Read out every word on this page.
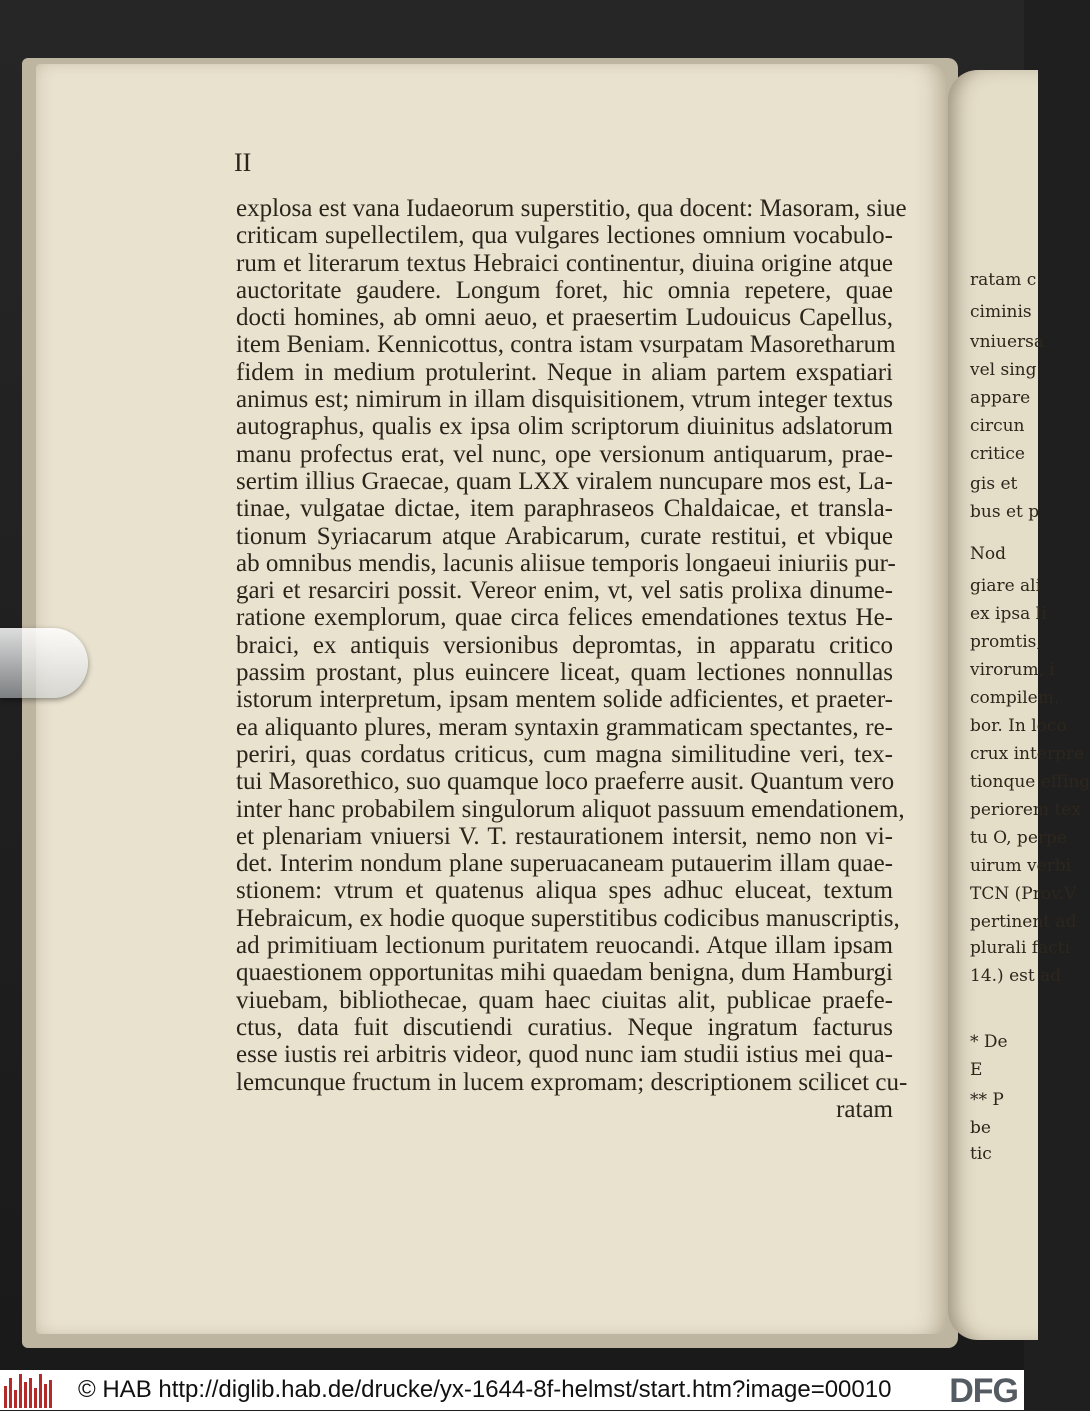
ratam c
ciminis
vniuersa
vel sing
appare
circun
critice
gis et
bus et p
Nod
giare ali
ex ipsa li
promtis,
virorum, i
compilem,
bor. In loco
crux interpre
tionque effing
periorem tex
tu O, perpe
uirum verbi
TCN (Prov.V
pertinent ad
plurali facti
14.) est ad
* De
E
** P
be
tic
II
explosa est vana Iudaeorum superstitio, qua docent: Masoram, siue
criticam supellectilem, qua vulgares lectiones omnium vocabulo-
rum et literarum textus Hebraici continentur, diuina origine atque
auctoritate gaudere. Longum foret, hic omnia repetere, quae
docti homines, ab omni aeuo, et praesertim Ludouicus Capellus,
item Beniam. Kennicottus, contra istam vsurpatam Masoretharum
fidem in medium protulerint. Neque in aliam partem exspatiari
animus est; nimirum in illam disquisitionem, vtrum integer textus
autographus, qualis ex ipsa olim scriptorum diuinitus adslatorum
manu profectus erat, vel nunc, ope versionum antiquarum, prae-
sertim illius Graecae, quam LXX viralem nuncupare mos est, La-
tinae, vulgatae dictae, item paraphraseos Chaldaicae, et transla-
tionum Syriacarum atque Arabicarum, curate restitui, et vbique
ab omnibus mendis, lacunis aliisue temporis longaeui iniuriis pur-
gari et resarciri possit. Vereor enim, vt, vel satis prolixa dinume-
ratione exemplorum, quae circa felices emendationes textus He-
braici, ex antiquis versionibus depromtas, in apparatu critico
passim prostant, plus euincere liceat, quam lectiones nonnullas
istorum interpretum, ipsam mentem solide adficientes, et praeter-
ea aliquanto plures, meram syntaxin grammaticam spectantes, re-
periri, quas cordatus criticus, cum magna similitudine veri, tex-
tui Masorethico, suo quamque loco praeferre ausit. Quantum vero
inter hanc probabilem singulorum aliquot passuum emendationem,
et plenariam vniuersi V. T. restaurationem intersit, nemo non vi-
det. Interim nondum plane superuacaneam putauerim illam quae-
stionem: vtrum et quatenus aliqua spes adhuc eluceat, textum
Hebraicum, ex hodie quoque superstitibus codicibus manuscriptis,
ad primitiuam lectionum puritatem reuocandi. Atque illam ipsam
quaestionem opportunitas mihi quaedam benigna, dum Hamburgi
viuebam, bibliothecae, quam haec ciuitas alit, publicae praefe-
ctus, data fuit discutiendi curatius. Neque ingratum facturus
esse iustis rei arbitris videor, quod nunc iam studii istius mei qua-
lemcunque fructum in lucem expromam; descriptionem scilicet cu-
ratam
© HAB http://diglib.hab.de/drucke/yx-1644-8f-helmst/start.htm?image=00010 DFG
